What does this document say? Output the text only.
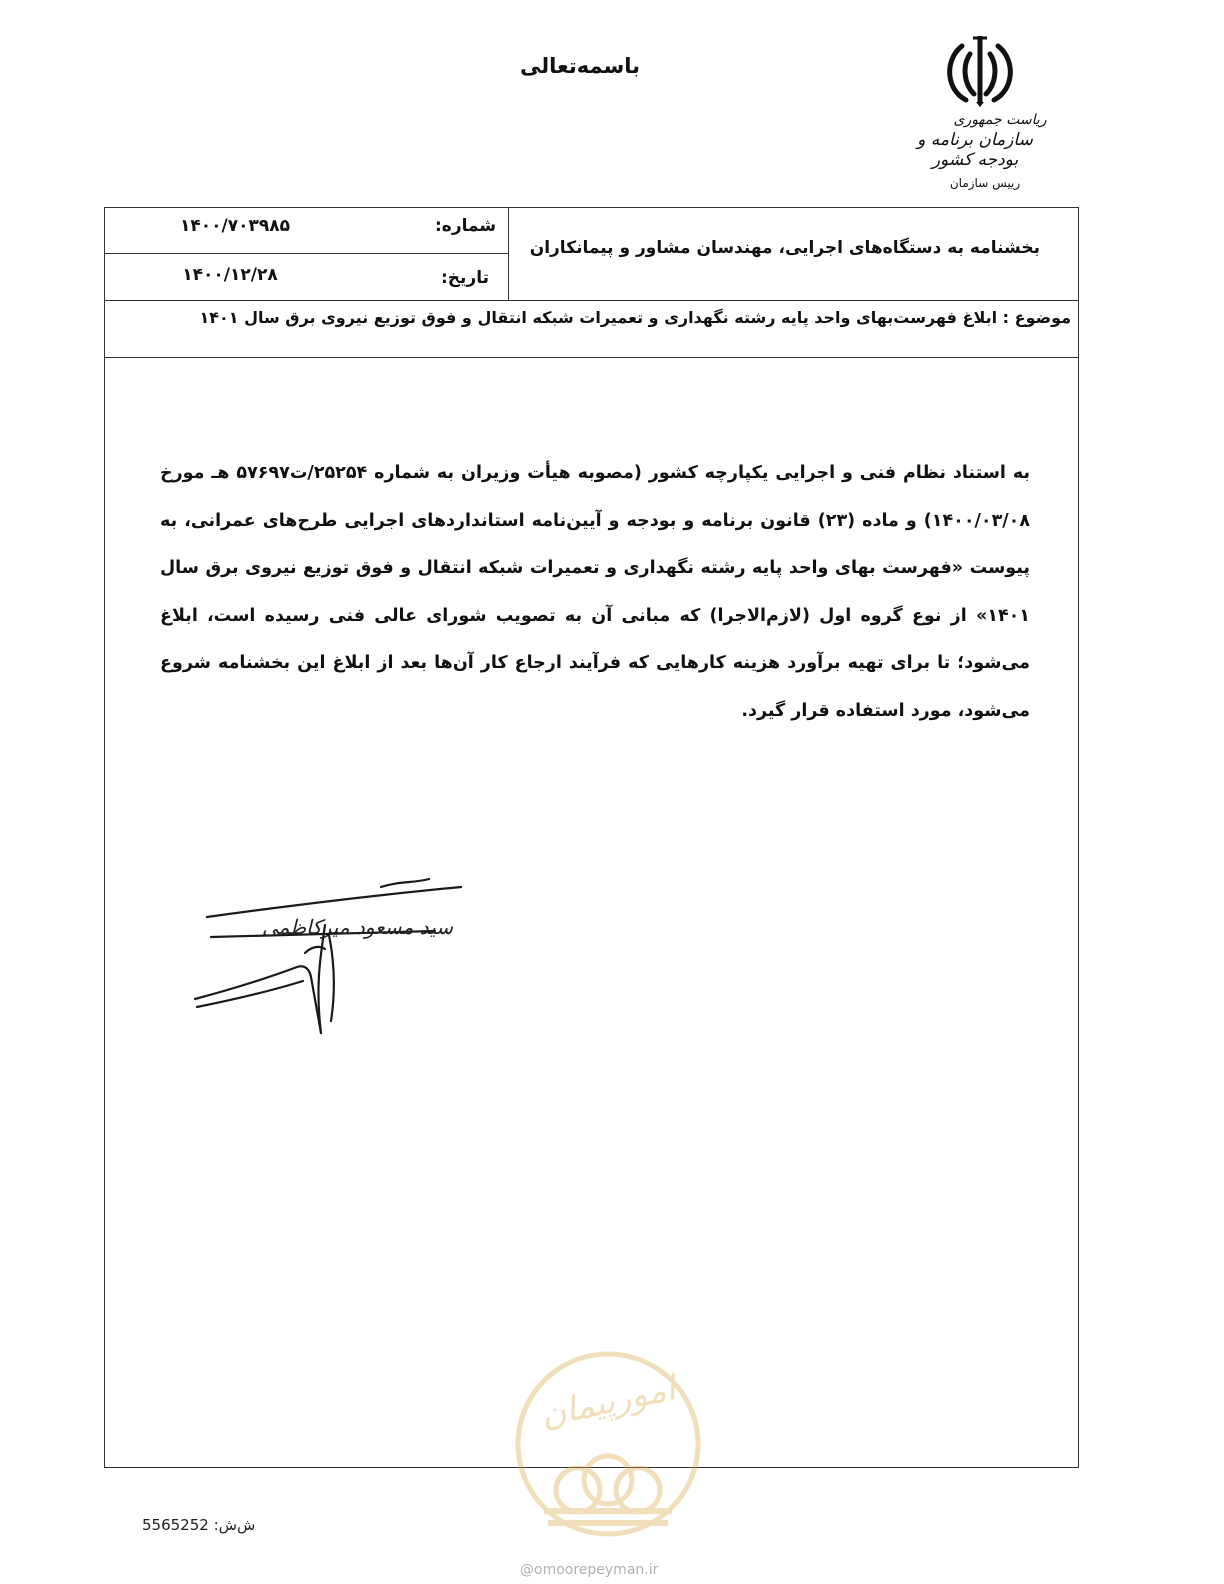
باسمه‌تعالی
ریاست جمهوری
سازمان برنامه و بودجه کشور
رییس سازمان
شماره:
۱۴۰۰/۷۰۳۹۸۵
تاریخ:
۱۴۰۰/۱۲/۲۸
بخشنامه به دستگاه‌های اجرایی، مهندسان مشاور و پیمانکاران
موضوع : ابلاغ فهرست‌بهای واحد پایه رشته نگهداری و تعمیرات شبکه انتقال و فوق توزیع نیروی برق سال ۱۴۰۱
به استناد نظام فنی و اجرایی یکپارچه کشور (مصوبه هیأت وزیران به شماره ۲۵۲۵۴/ت۵۷۶۹۷ هـ مورخ ۱۴۰۰/۰۳/۰۸) و ماده (۲۳) قانون برنامه و بودجه و آیین‌نامه استانداردهای اجرایی طرح‌های عمرانی، به پیوست «فهرست بهای واحد پایه رشته نگهداری و تعمیرات شبکه انتقال و فوق توزیع نیروی برق سال ۱۴۰۱» از نوع گروه اول (لازم‌الاجرا) که مبانی آن به تصویب شورای عالی فنی رسیده است، ابلاغ می‌شود؛ تا برای تهیه برآورد هزینه کارهایی که فرآیند ارجاع کار آن‌ها بعد از ابلاغ این بخشنامه شروع می‌شود، مورد استفاده قرار گیرد.
سید مسعود میرکاظمی
امورپیمان
ش‌ش: 5565252
@omoorepeyman.ir
